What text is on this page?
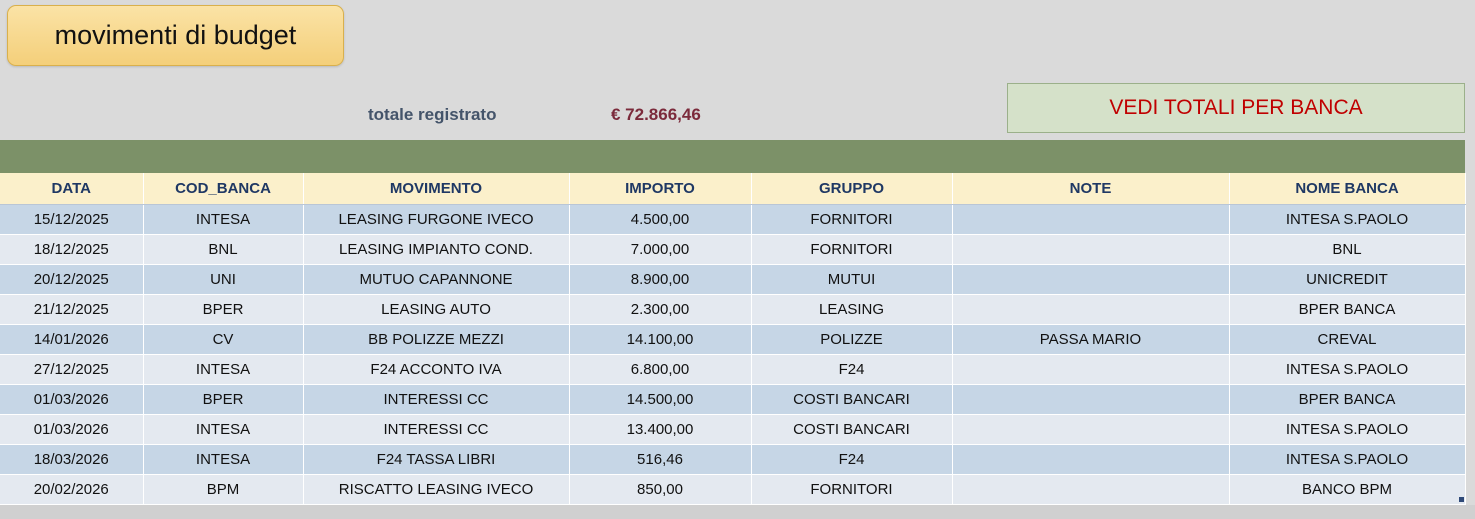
movimenti di budget
totale registrato	€ 72.866,46	VEDI TOTALI PER BANCA
DATA	COD_BANCA	MOVIMENTO	IMPORTO	GRUPPO	NOTE	NOME BANCA
15/12/2025	INTESA	LEASING FURGONE IVECO	4.500,00	FORNITORI		INTESA S.PAOLO
18/12/2025	BNL	LEASING IMPIANTO COND.	7.000,00	FORNITORI		BNL
20/12/2025	UNI	MUTUO CAPANNONE	8.900,00	MUTUI		UNICREDIT
21/12/2025	BPER	LEASING AUTO	2.300,00	LEASING		BPER BANCA
14/01/2026	CV	BB POLIZZE MEZZI	14.100,00	POLIZZE	PASSA MARIO	CREVAL
27/12/2025	INTESA	F24 ACCONTO IVA	6.800,00	F24		INTESA S.PAOLO
01/03/2026	BPER	INTERESSI CC	14.500,00	COSTI BANCARI		BPER BANCA
01/03/2026	INTESA	INTERESSI CC	13.400,00	COSTI BANCARI		INTESA S.PAOLO
18/03/2026	INTESA	F24 TASSA LIBRI	516,46	F24		INTESA S.PAOLO
20/02/2026	BPM	RISCATTO LEASING IVECO	850,00	FORNITORI		BANCO BPM
